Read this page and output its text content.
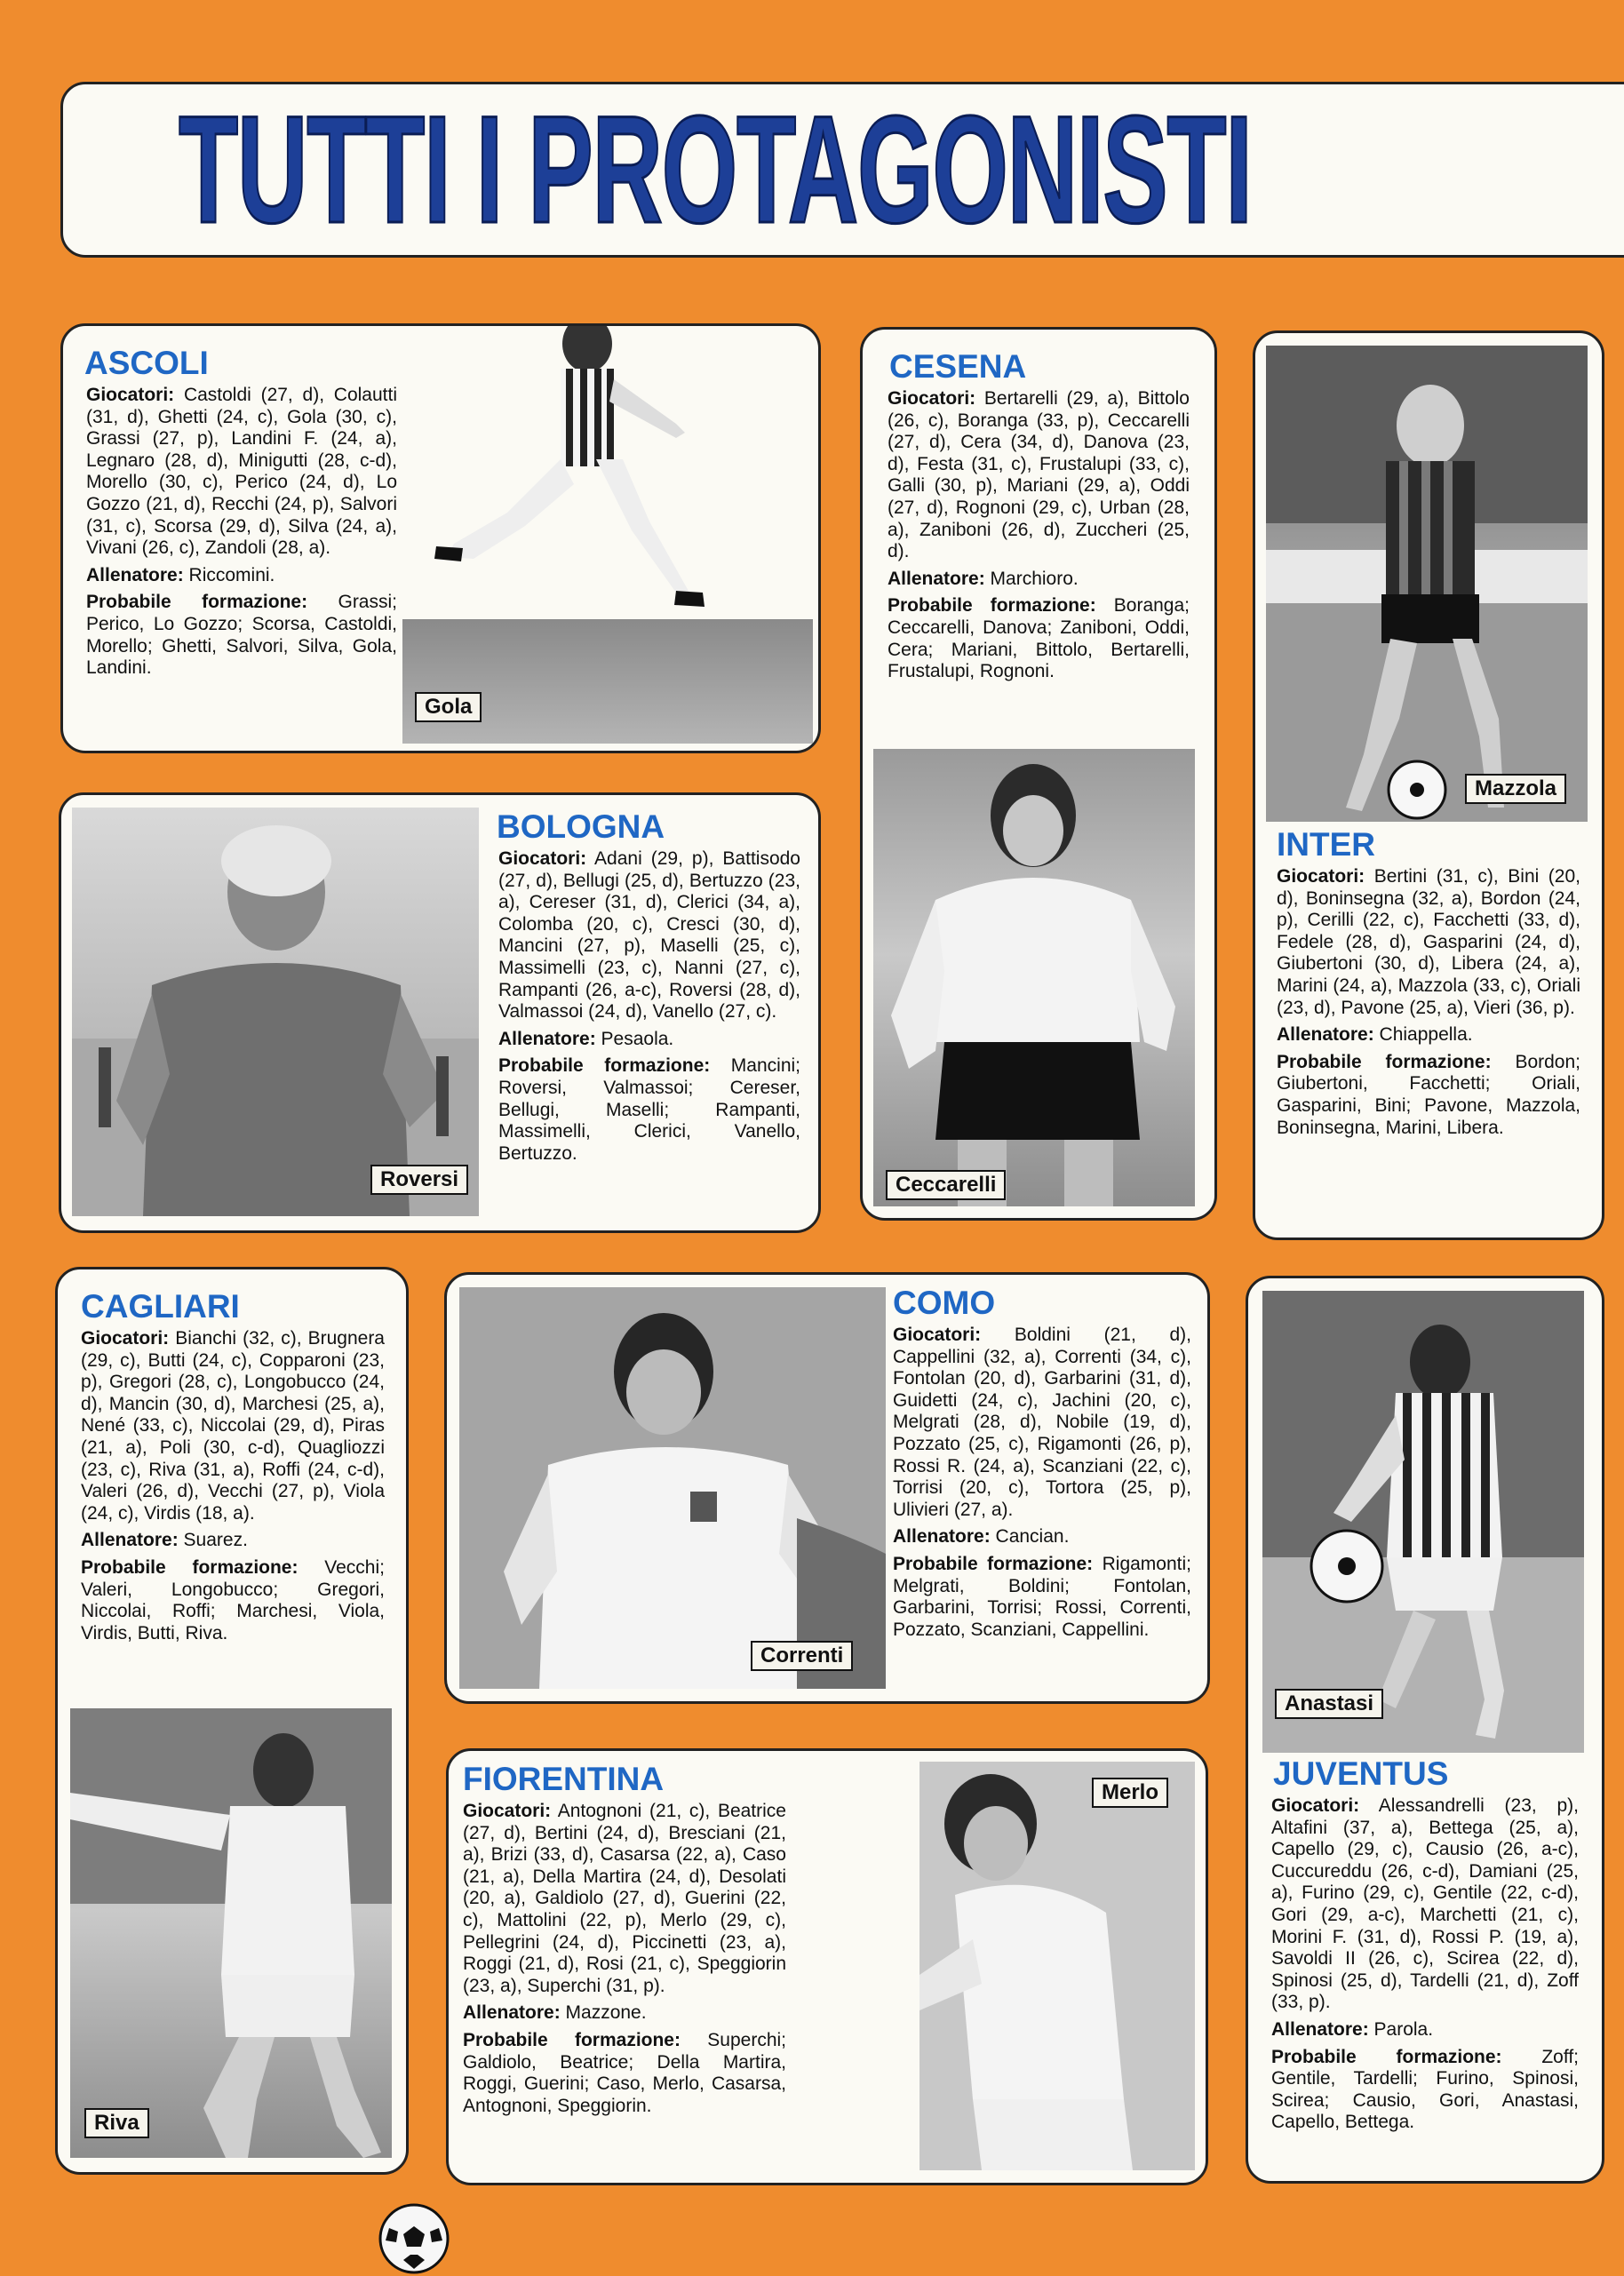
TUTTI I PROTAGONISTI
ASCOLI

Giocatori: Castoldi (27, d), Colautti (31, d), Ghetti (24, c), Gola (30, c), Grassi (27, p), Landini F. (24, a), Legnaro (28, d), Minigutti (28, c-d), Morello (30, c), Perico (24, d), Lo Gozzo (21, d), Recchi (24, p), Salvori (31, c), Scorsa (29, d), Silva (24, a), Vivani (26, c), Zandoli (28, a).

Allenatore: Riccomini.

Probabile formazione: Grassi; Perico, Lo Gozzo; Scorsa, Castoldi, Morello; Ghetti, Salvori, Silva, Gola, Landini.

Gola
CESENA

Giocatori: Bertarelli (29, a), Bittolo (26, c), Boranga (33, p), Ceccarelli (27, d), Cera (34, d), Danova (23, d), Festa (31, c), Frustalupi (33, c), Galli (30, p), Mariani (29, a), Oddi (27, d), Rognoni (29, c), Urban (28, a), Zaniboni (26, d), Zuccheri (25, d).

Allenatore: Marchioro.

Probabile formazione: Boranga; Ceccarelli, Danova; Zaniboni, Oddi, Cera; Mariani, Bittolo, Bertarelli, Frustalupi, Rognoni.

Ceccarelli
Mazzola
INTER

Giocatori: Bertini (31, c), Bini (20, d), Boninsegna (32, a), Bordon (24, p), Cerilli (22, c), Facchetti (33, d), Fedele (28, d), Gasparini (24, d), Giubertoni (30, d), Libera (24, a), Marini (24, a), Mazzola (33, c), Oriali (23, d), Pavone (25, a), Vieri (36, p).

Allenatore: Chiappella.

Probabile formazione: Bordon; Giubertoni, Facchetti; Oriali, Gasparini, Bini; Pavone, Mazzola, Boninsegna, Marini, Libera.

Roversi
BOLOGNA

Giocatori: Adani (29, p), Battisodo (27, d), Bellugi (25, d), Bertuzzo (23, a), Cereser (31, d), Clerici (34, a), Colomba (20, c), Cresci (30, d), Mancini (27, p), Maselli (25, c), Massimelli (23, c), Nanni (27, c), Rampanti (26, a-c), Roversi (28, d), Valmassoi (24, d), Vanello (27, c).

Allenatore: Pesaola.

Probabile formazione: Mancini; Roversi, Valmassoi; Cereser, Bellugi, Maselli; Rampanti, Massimelli, Clerici, Vanello, Bertuzzo.

CAGLIARI

Giocatori: Bianchi (32, c), Brugnera (29, c), Butti (24, c), Copparoni (23, p), Gregori (28, c), Longobucco (24, d), Mancin (30, d), Marchesi (25, a), Nené (33, c), Niccolai (29, d), Piras (21, a), Poli (30, c-d), Quagliozzi (23, c), Riva (31, a), Roffi (24, c-d), Valeri (26, d), Vecchi (27, p), Viola (24, c), Virdis (18, a).

Allenatore: Suarez.

Probabile formazione: Vecchi; Valeri, Longobucco; Gregori, Niccolai, Roffi; Marchesi, Viola, Virdis, Butti, Riva.

Riva
Correnti
COMO

Giocatori: Boldini (21, d), Cappellini (32, a), Correnti (34, c), Fontolan (20, d), Garbarini (31, d), Guidetti (24, c), Jachini (20, c), Melgrati (28, d), Nobile (19, d), Pozzato (25, c), Rigamonti (26, p), Rossi R. (24, a), Scanziani (22, c), Torrisi (20, c), Tortora (25, p), Ulivieri (27, a).

Allenatore: Cancian.

Probabile formazione: Rigamonti; Melgrati, Boldini; Fontolan, Garbarini, Torrisi; Rossi, Correnti, Pozzato, Scanziani, Cappellini.

Anastasi
JUVENTUS

Giocatori: Alessandrelli (23, p), Altafini (37, a), Bettega (25, a), Capello (29, c), Causio (26, a-c), Cuccureddu (26, c-d), Damiani (25, a), Furino (29, c), Gentile (22, c-d), Gori (29, a-c), Marchetti (21, c), Morini F. (31, d), Rossi P. (19, a), Savoldi II (26, c), Scirea (22, d), Spinosi (25, d), Tardelli (21, d), Zoff (33, p).

Allenatore: Parola.

Probabile formazione: Zoff; Gentile, Tardelli; Furino, Spinosi, Scirea; Causio, Gori, Anastasi, Capello, Bettega.

FIORENTINA

Giocatori: Antognoni (21, c), Beatrice (27, d), Bertini (24, d), Bresciani (21, a), Brizi (33, d), Casarsa (22, a), Caso (21, a), Della Martira (24, d), Desolati (20, a), Galdiolo (27, d), Guerini (22, c), Mattolini (22, p), Merlo (29, c), Pellegrini (24, d), Piccinetti (23, a), Roggi (21, d), Rosi (21, c), Speggiorin (23, a), Superchi (31, p).

Allenatore: Mazzone.

Probabile formazione: Superchi; Galdiolo, Beatrice; Della Martira, Roggi, Guerini; Caso, Merlo, Casarsa, Antognoni, Speggiorin.

Merlo
